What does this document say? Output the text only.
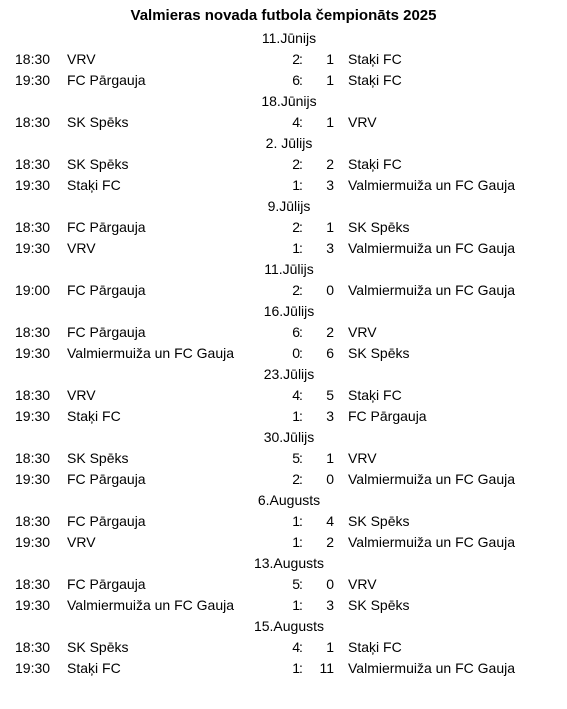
Valmieras novada futbola čempionāts 2025
11.Jūnijs
18:30 VRV	2 :	1 Staķi FC
19:30 FC Pārgauja	6 :	1 Staķi FC
18.Jūnijs
18:30 SK Spēks	4 :	1 VRV
2. Jūlijs
18:30 SK Spēks	2 :	2 Staķi FC
19:30 Staķi FC	1 :	3 Valmiermuiža un FC Gauja
9.Jūlijs
18:30 FC Pārgauja	2 :	1 SK Spēks
19:30 VRV	1 :	3 Valmiermuiža un FC Gauja
11.Jūlijs
19:00 FC Pārgauja	2 :	0 Valmiermuiža un FC Gauja
16.Jūlijs
18:30 FC Pārgauja	6 :	2 VRV
19:30 Valmiermuiža un FC Gauja	0 :	6 SK Spēks
23.Jūlijs
18:30 VRV	4 :	5 Staķi FC
19:30 Staķi FC	1 :	3 FC Pārgauja
30.Jūlijs
18:30 SK Spēks	5 :	1 VRV
19:30 FC Pārgauja	2 :	0 Valmiermuiža un FC Gauja
6.Augusts
18:30 FC Pārgauja	1 :	4 SK Spēks
19:30 VRV	1 :	2 Valmiermuiža un FC Gauja
13.Augusts
18:30 FC Pārgauja	5 :	0 VRV
19:30 Valmiermuiža un FC Gauja	1 :	3 SK Spēks
15.Augusts
18:30 SK Spēks	4 :	1 Staķi FC
19:30 Staķi FC	1 :	11 Valmiermuiža un FC Gauja
